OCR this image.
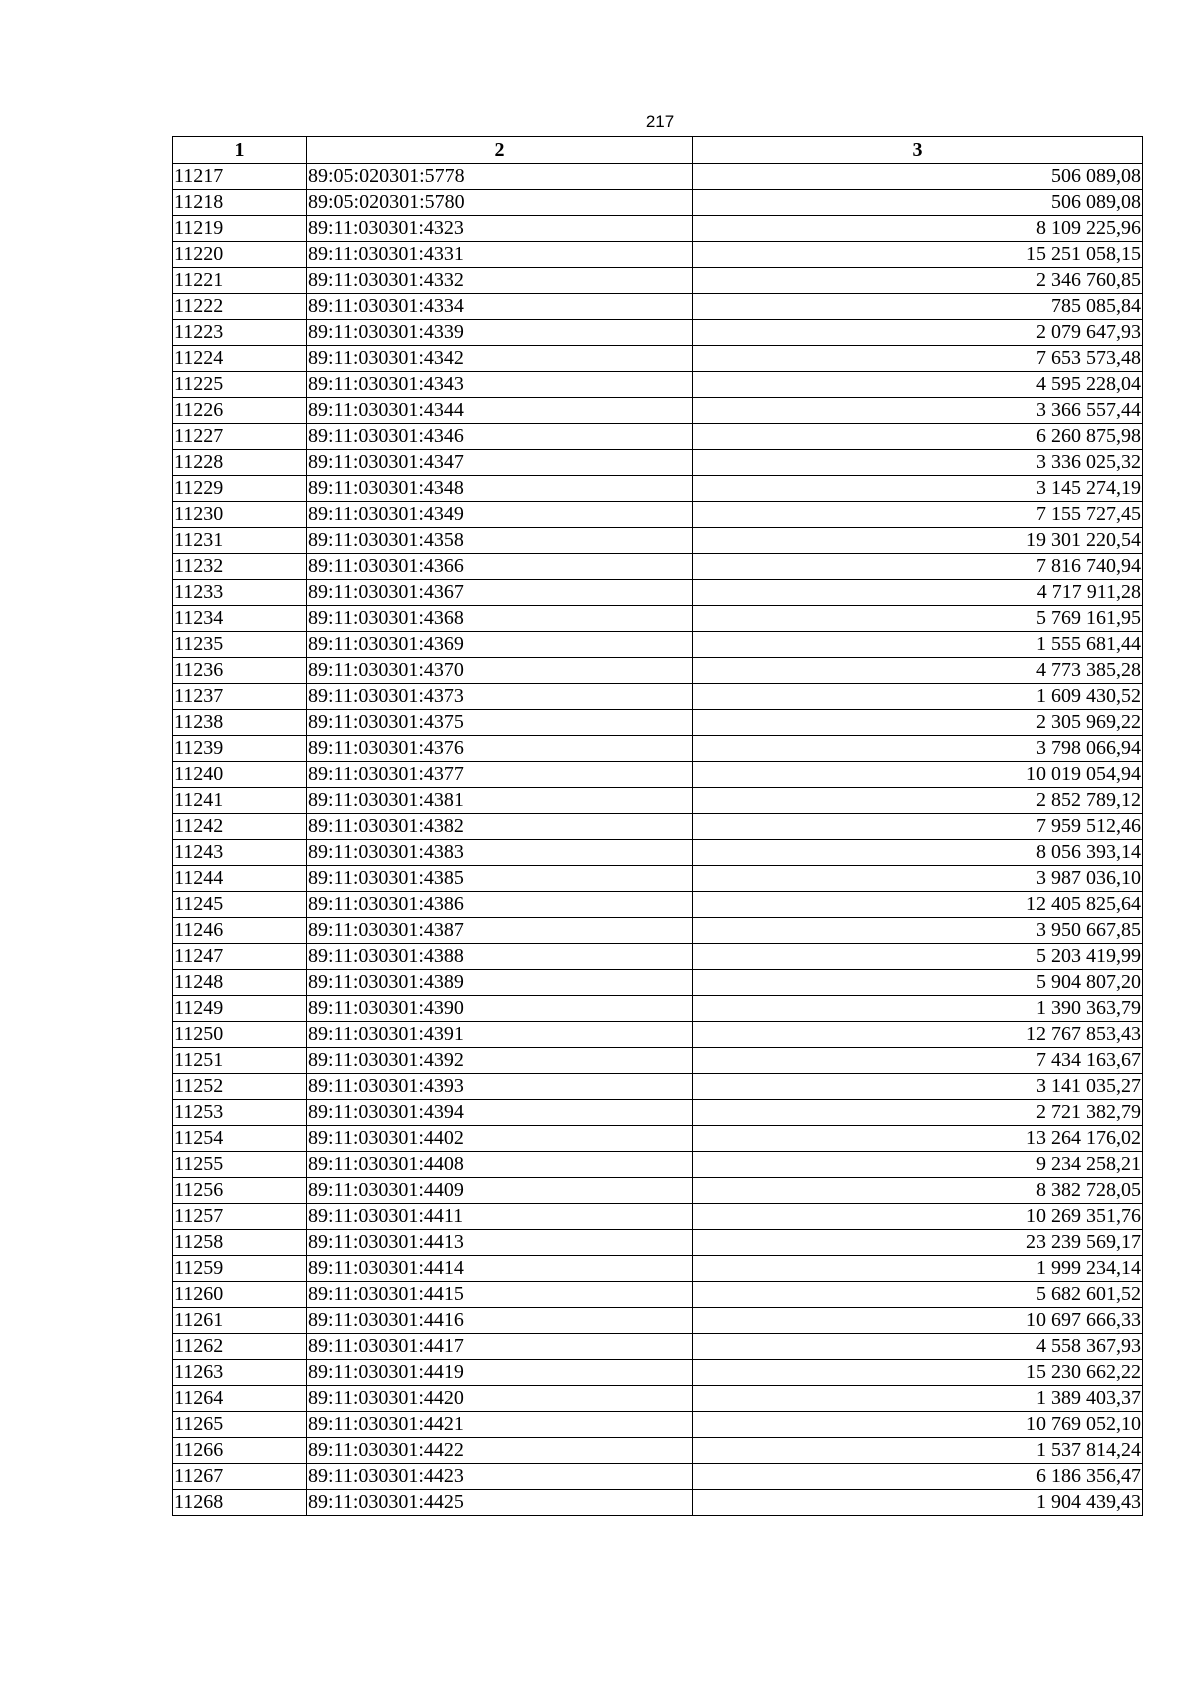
217
1	2	3
11217	89:05:020301:5778	506 089,08
11218	89:05:020301:5780	506 089,08
11219	89:11:030301:4323	8 109 225,96
11220	89:11:030301:4331	15 251 058,15
11221	89:11:030301:4332	2 346 760,85
11222	89:11:030301:4334	785 085,84
11223	89:11:030301:4339	2 079 647,93
11224	89:11:030301:4342	7 653 573,48
11225	89:11:030301:4343	4 595 228,04
11226	89:11:030301:4344	3 366 557,44
11227	89:11:030301:4346	6 260 875,98
11228	89:11:030301:4347	3 336 025,32
11229	89:11:030301:4348	3 145 274,19
11230	89:11:030301:4349	7 155 727,45
11231	89:11:030301:4358	19 301 220,54
11232	89:11:030301:4366	7 816 740,94
11233	89:11:030301:4367	4 717 911,28
11234	89:11:030301:4368	5 769 161,95
11235	89:11:030301:4369	1 555 681,44
11236	89:11:030301:4370	4 773 385,28
11237	89:11:030301:4373	1 609 430,52
11238	89:11:030301:4375	2 305 969,22
11239	89:11:030301:4376	3 798 066,94
11240	89:11:030301:4377	10 019 054,94
11241	89:11:030301:4381	2 852 789,12
11242	89:11:030301:4382	7 959 512,46
11243	89:11:030301:4383	8 056 393,14
11244	89:11:030301:4385	3 987 036,10
11245	89:11:030301:4386	12 405 825,64
11246	89:11:030301:4387	3 950 667,85
11247	89:11:030301:4388	5 203 419,99
11248	89:11:030301:4389	5 904 807,20
11249	89:11:030301:4390	1 390 363,79
11250	89:11:030301:4391	12 767 853,43
11251	89:11:030301:4392	7 434 163,67
11252	89:11:030301:4393	3 141 035,27
11253	89:11:030301:4394	2 721 382,79
11254	89:11:030301:4402	13 264 176,02
11255	89:11:030301:4408	9 234 258,21
11256	89:11:030301:4409	8 382 728,05
11257	89:11:030301:4411	10 269 351,76
11258	89:11:030301:4413	23 239 569,17
11259	89:11:030301:4414	1 999 234,14
11260	89:11:030301:4415	5 682 601,52
11261	89:11:030301:4416	10 697 666,33
11262	89:11:030301:4417	4 558 367,93
11263	89:11:030301:4419	15 230 662,22
11264	89:11:030301:4420	1 389 403,37
11265	89:11:030301:4421	10 769 052,10
11266	89:11:030301:4422	1 537 814,24
11267	89:11:030301:4423	6 186 356,47
11268	89:11:030301:4425	1 904 439,43
